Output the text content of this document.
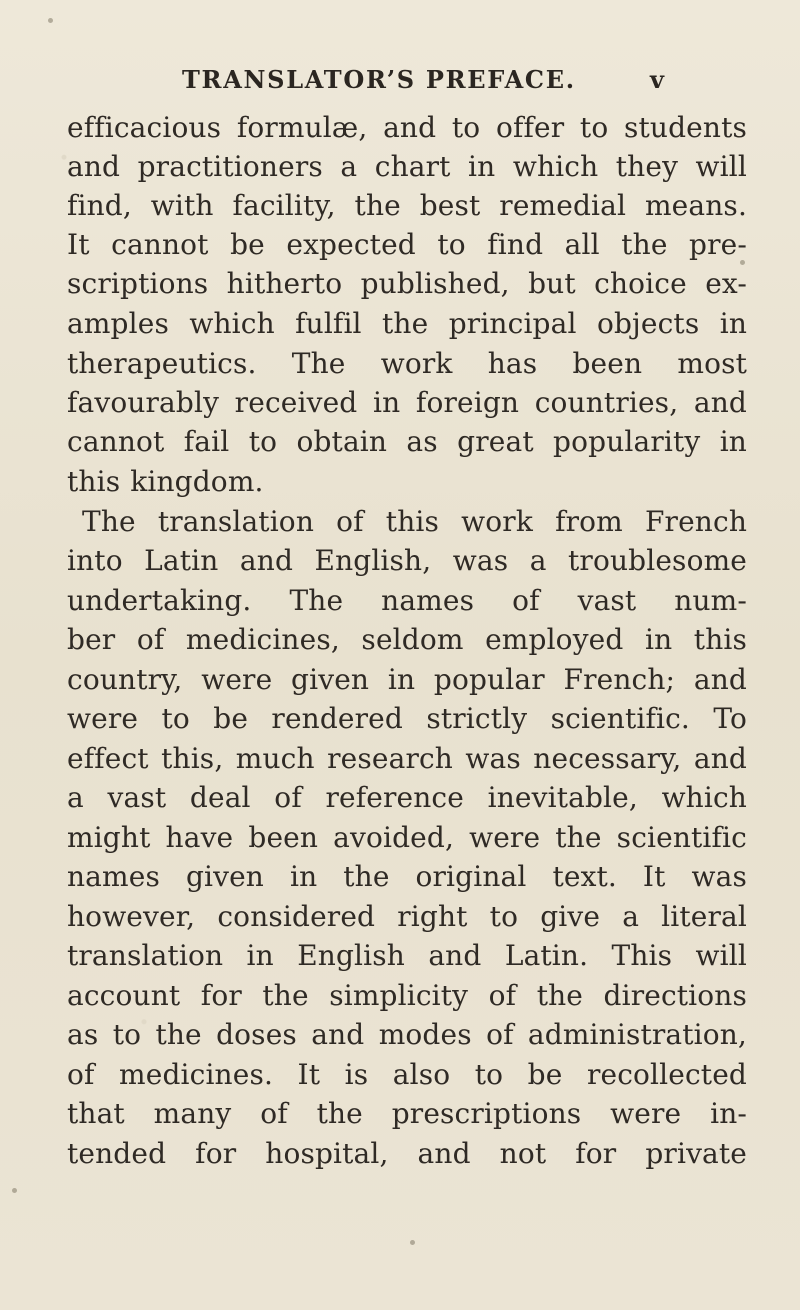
TRANSLATOR’S PREFACE.	v
efficacious formulæ, and to offer to students
and practitioners a chart in which they will
find, with facility, the best remedial means.
It cannot be expected to find all the pre-
scriptions hitherto published, but choice ex-
amples which fulfil the principal objects in
therapeutics. The work has been most
favourably received in foreign countries, and
cannot fail to obtain as great popularity in
this kingdom.
The translation of this work from French
into Latin and English, was a troublesome
undertaking. The names of vast num-
ber of medicines, seldom employed in this
country, were given in popular French; and
were to be rendered strictly scientific. To
effect this, much research was necessary, and
a vast deal of reference inevitable, which
might have been avoided, were the scientific
names given in the original text. It was
however, considered right to give a literal
translation in English and Latin. This will
account for the simplicity of the directions
as to the doses and modes of administration,
of medicines. It is also to be recollected
that many of the prescriptions were in-
tended for hospital, and not for private
